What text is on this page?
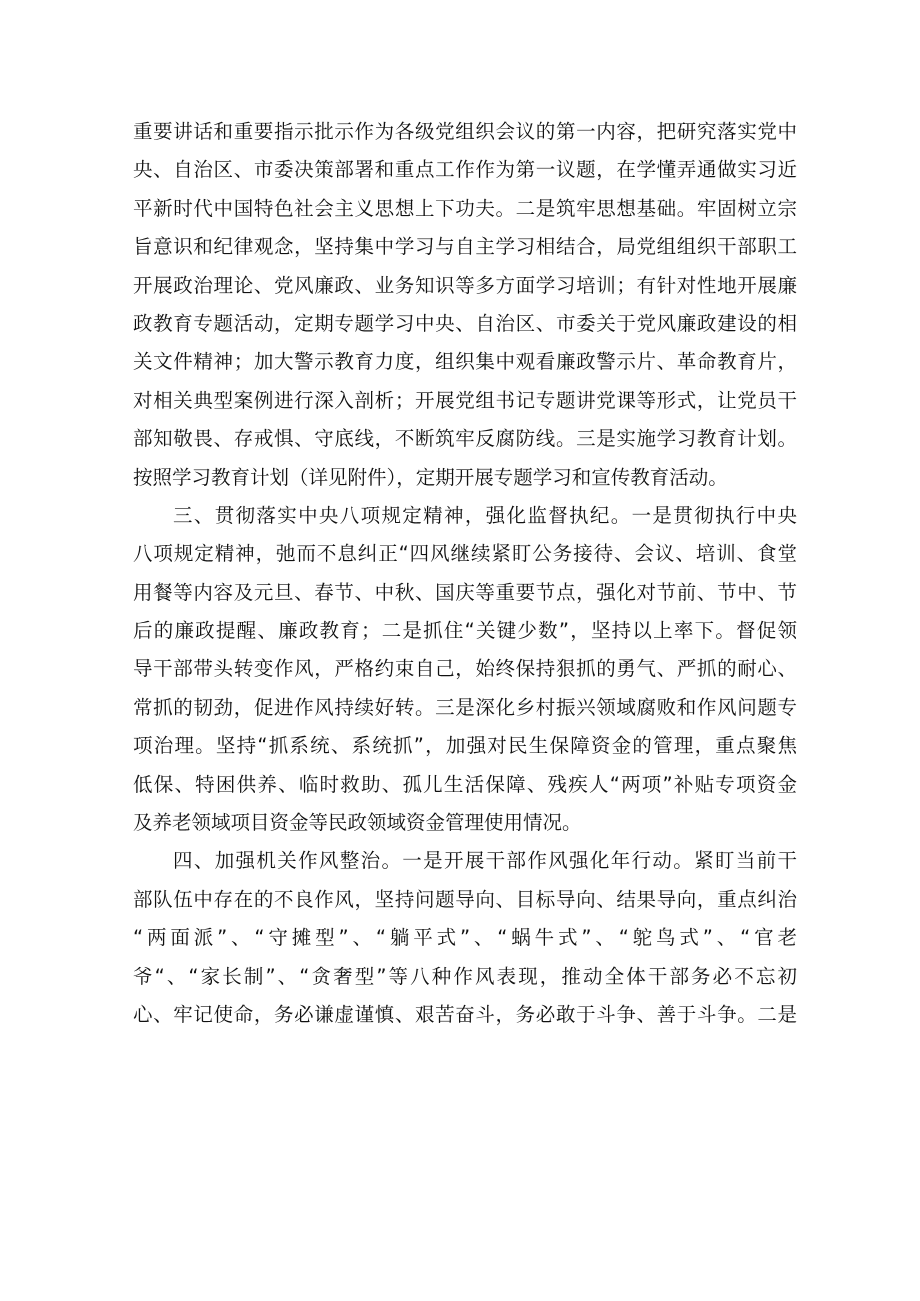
重要讲话和重要指示批示作为各级党组织会议的第一内容，把研究落实党中
央、自治区、市委决策部署和重点工作作为第一议题，在学懂弄通做实习近
平新时代中国特色社会主义思想上下功夫。二是筑牢思想基础。牢固树立宗
旨意识和纪律观念，坚持集中学习与自主学习相结合，局党组组织干部职工
开展政治理论、党风廉政、业务知识等多方面学习培训；有针对性地开展廉
政教育专题活动，定期专题学习中央、自治区、市委关于党风廉政建设的相
关文件精神；加大警示教育力度，组织集中观看廉政警示片、革命教育片，
对相关典型案例进行深入剖析；开展党组书记专题讲党课等形式，让党员干
部知敬畏、存戒惧、守底线，不断筑牢反腐防线。三是实施学习教育计划。
按照学习教育计划（详见附件），定期开展专题学习和宣传教育活动。

三、贯彻落实中央八项规定精神，强化监督执纪。一是贯彻执行中央
八项规定精神，弛而不息纠正“四风继续紧盯公务接待、会议、培训、食堂
用餐等内容及元旦、春节、中秋、国庆等重要节点，强化对节前、节中、节
后的廉政提醒、廉政教育；二是抓住“关键少数”，坚持以上率下。督促领
导干部带头转变作风，严格约束自己，始终保持狠抓的勇气、严抓的耐心、
常抓的韧劲，促进作风持续好转。三是深化乡村振兴领域腐败和作风问题专
项治理。坚持“抓系统、系统抓”，加强对民生保障资金的管理，重点聚焦
低保、特困供养、临时救助、孤儿生活保障、残疾人“两项”补贴专项资金
及养老领域项目资金等民政领域资金管理使用情况。

四、加强机关作风整治。一是开展干部作风强化年行动。紧盯当前干
部队伍中存在的不良作风，坚持问题导向、目标导向、结果导向，重点纠治
“两面派”、“守摊型”、“躺平式”、“蜗牛式”、“鸵鸟式”、“官老
爷“、“家长制”、“贪奢型”等八种作风表现，推动全体干部务必不忘初
心、牢记使命，务必谦虚谨慎、艰苦奋斗，务必敢于斗争、善于斗争。二是
